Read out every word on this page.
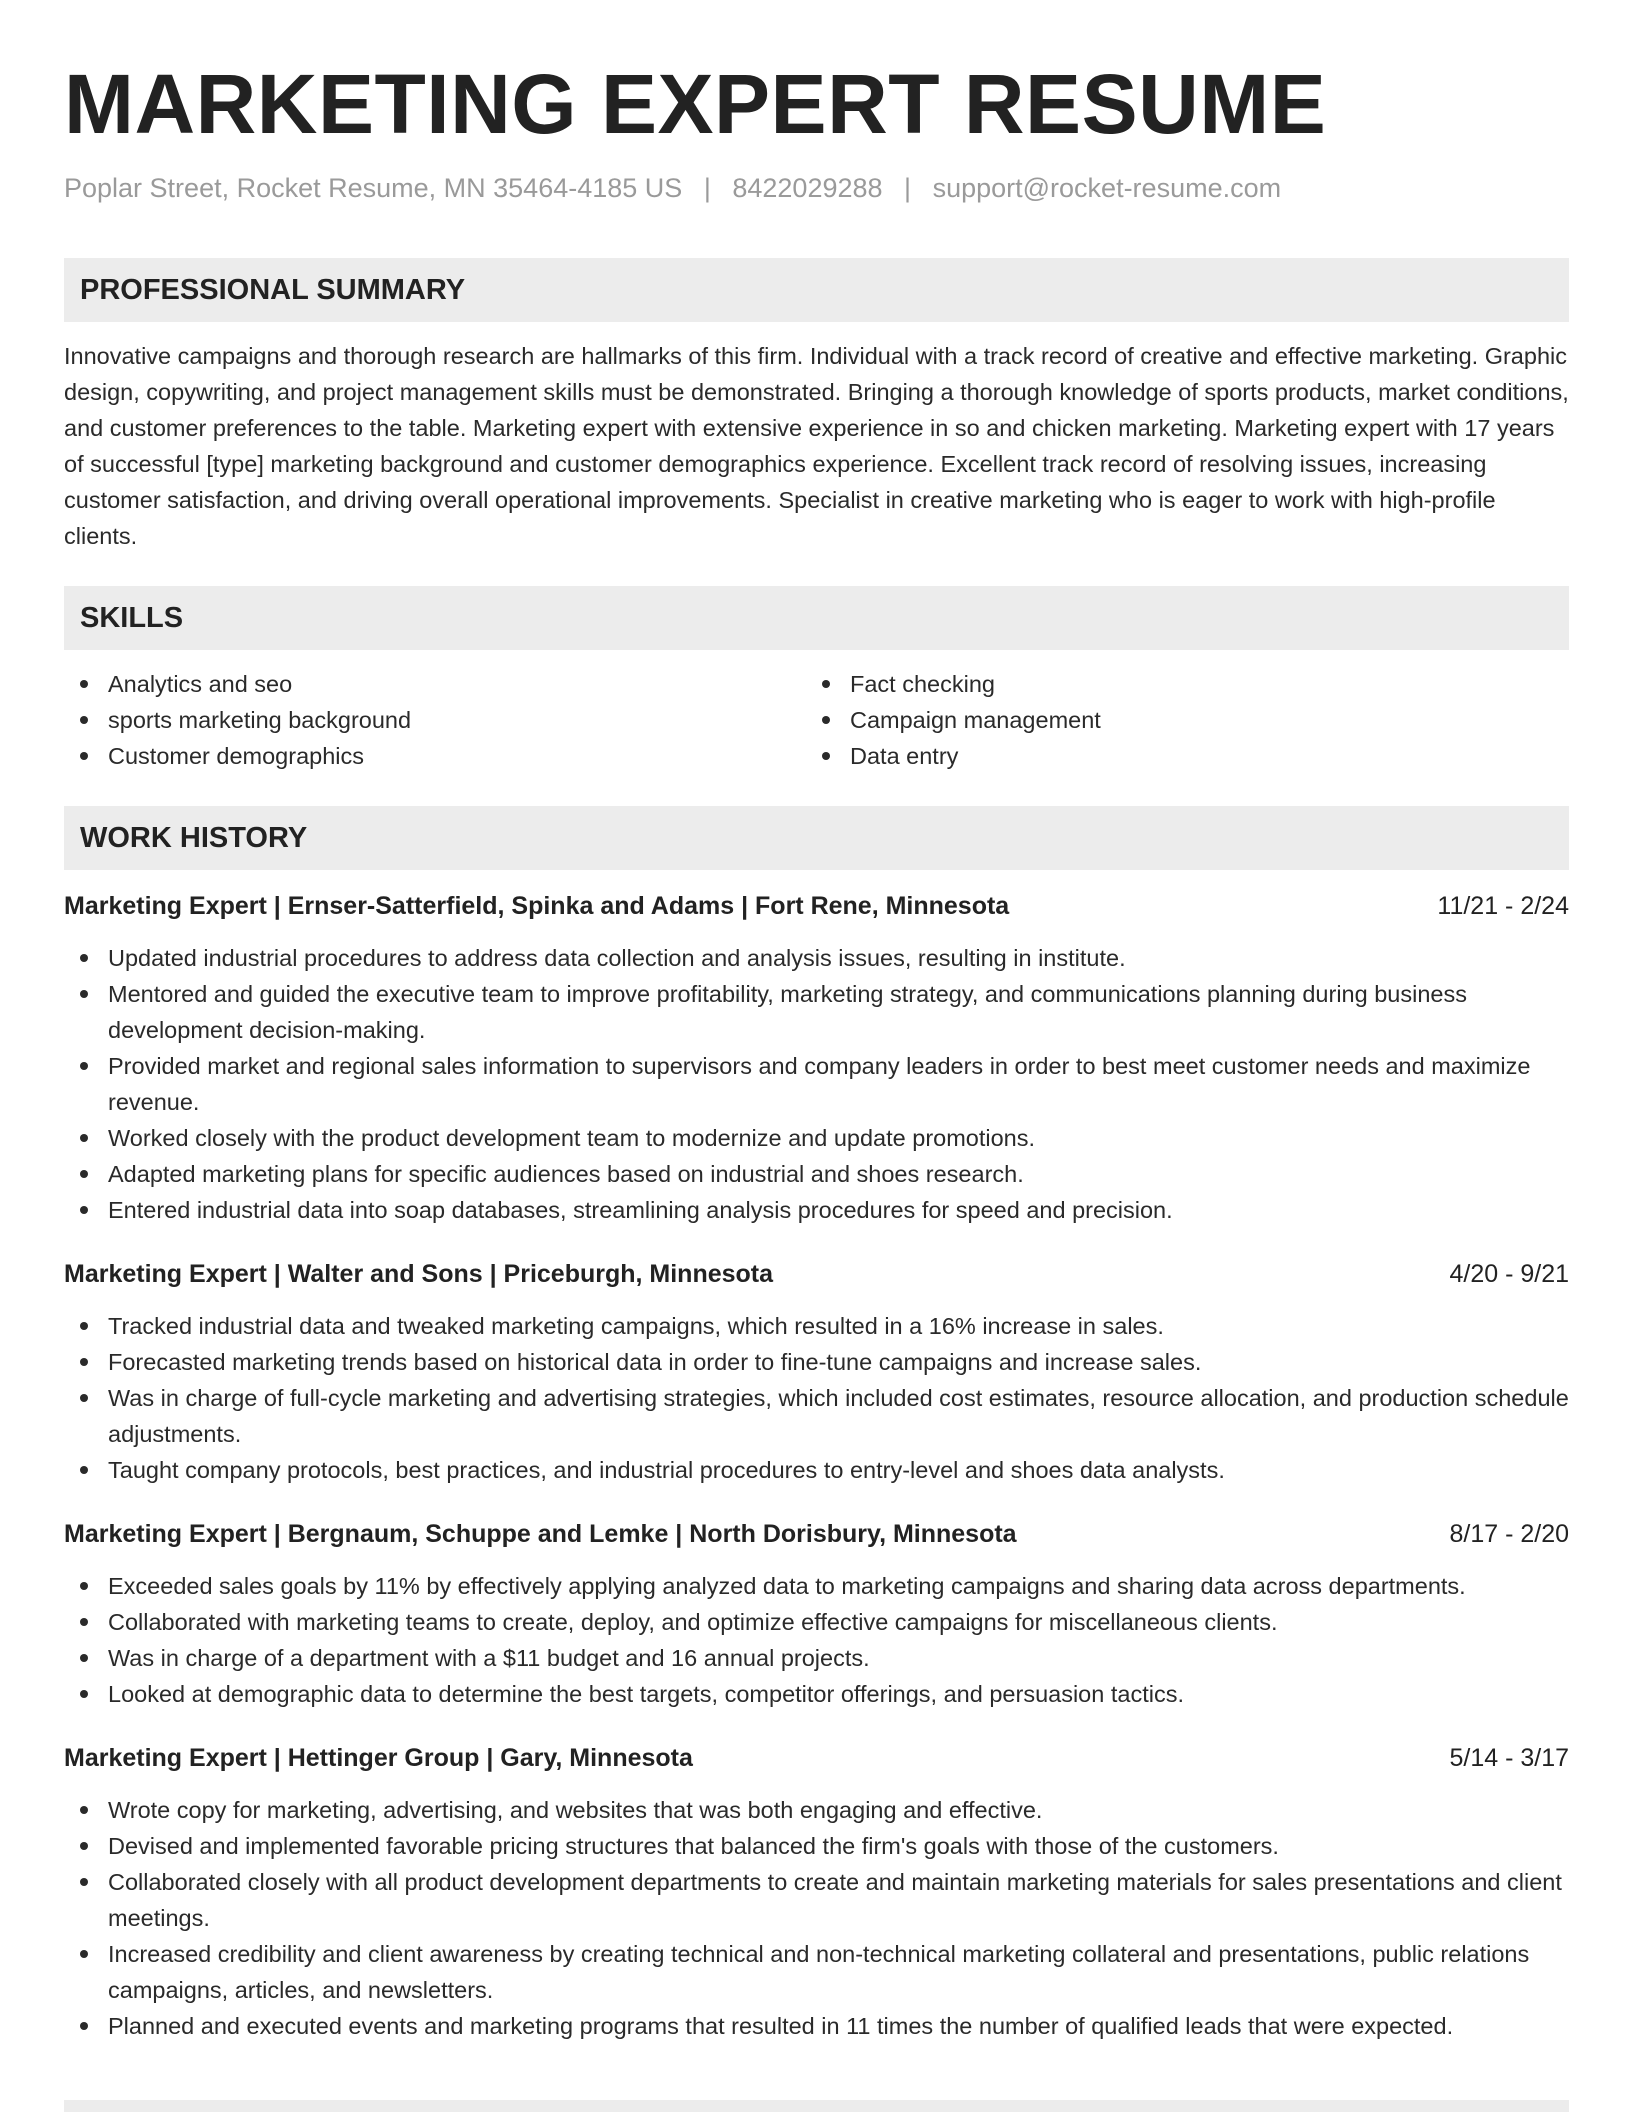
MARKETING EXPERT RESUME
Poplar Street, Rocket Resume, MN 35464-4185 US | 8422029288 | support@rocket-resume.com
PROFESSIONAL SUMMARY

Innovative campaigns and thorough research are hallmarks of this firm. Individual with a track record of creative and effective marketing. Graphic design, copywriting, and project management skills must be demonstrated. Bringing a thorough knowledge of sports products, market conditions, and customer preferences to the table. Marketing expert with extensive experience in so and chicken marketing. Marketing expert with 17 years of successful [type] marketing background and customer demographics experience. Excellent track record of resolving issues, increasing customer satisfaction, and driving overall operational improvements. Specialist in creative marketing who is eager to work with high-profile clients.

SKILLS
Analytics and seo
sports marketing background
Customer demographics
Fact checking
Campaign management
Data entry
WORK HISTORY
Marketing Expert | Ernser-Satterfield, Spinka and Adams | Fort Rene, Minnesota	11/21 - 2/24
Updated industrial procedures to address data collection and analysis issues, resulting in institute.
Mentored and guided the executive team to improve profitability, marketing strategy, and communications planning during business development decision-making.
Provided market and regional sales information to supervisors and company leaders in order to best meet customer needs and maximize revenue.
Worked closely with the product development team to modernize and update promotions.
Adapted marketing plans for specific audiences based on industrial and shoes research.
Entered industrial data into soap databases, streamlining analysis procedures for speed and precision.
Marketing Expert | Walter and Sons | Priceburgh, Minnesota	4/20 - 9/21
Tracked industrial data and tweaked marketing campaigns, which resulted in a 16% increase in sales.
Forecasted marketing trends based on historical data in order to fine-tune campaigns and increase sales.
Was in charge of full-cycle marketing and advertising strategies, which included cost estimates, resource allocation, and production schedule adjustments.
Taught company protocols, best practices, and industrial procedures to entry-level and shoes data analysts.
Marketing Expert | Bergnaum, Schuppe and Lemke | North Dorisbury, Minnesota	8/17 - 2/20
Exceeded sales goals by 11% by effectively applying analyzed data to marketing campaigns and sharing data across departments.
Collaborated with marketing teams to create, deploy, and optimize effective campaigns for miscellaneous clients.
Was in charge of a department with a $11 budget and 16 annual projects.
Looked at demographic data to determine the best targets, competitor offerings, and persuasion tactics.
Marketing Expert | Hettinger Group | Gary, Minnesota	5/14 - 3/17
Wrote copy for marketing, advertising, and websites that was both engaging and effective.
Devised and implemented favorable pricing structures that balanced the firm's goals with those of the customers.
Collaborated closely with all product development departments to create and maintain marketing materials for sales presentations and client meetings.
Increased credibility and client awareness by creating technical and non-technical marketing collateral and presentations, public relations campaigns, articles, and newsletters.
Planned and executed events and marketing programs that resulted in 11 times the number of qualified leads that were expected.
